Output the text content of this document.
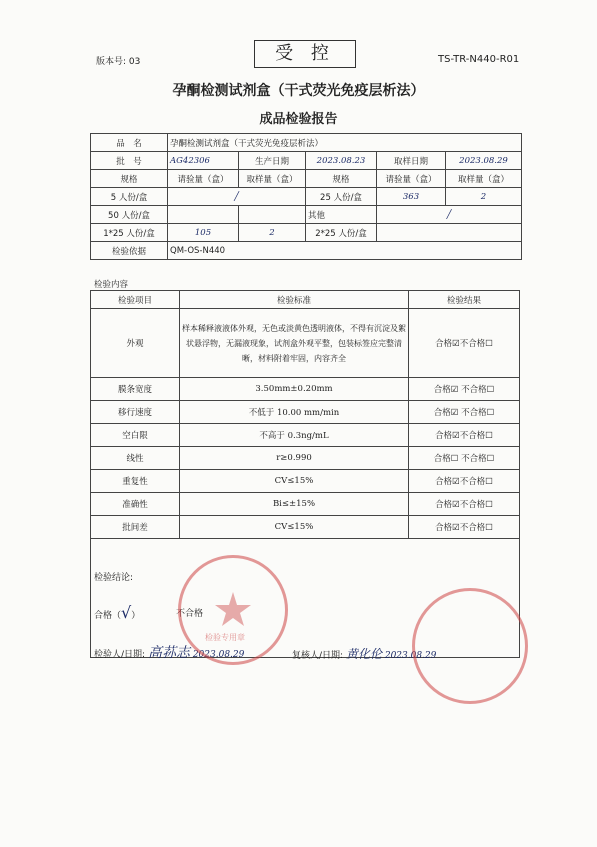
版本号: 03	受 控	TS-TR-N440-R01
孕酮检测试剂盒（干式荧光免疫层析法）
成品检验报告
品　名	孕酮检测试剂盒（干式荧光免疫层析法）				
批　号	AG42306	生产日期	2023.08.23	取样日期	2023.08.29
规格	请验量（盒）	取样量（盒）	规格	请验量（盒）	取样量（盒）
5 人份/盒	╱		25 人份/盒	363	2
50 人份/盒			其他	╱	
1*25 人份/盒	105	2	2*25 人份/盒		
检验依据	QM-OS-N440				
检验内容
检验项目	检验标准	检验结果
外观	样本稀释液液体外观，无色或淡黄色透明液体，不得有沉淀及絮状悬浮物，无漏液现象，试剂盒外观平整，包装标签应完整清晰，材料附着牢固，内容齐全	合格☑不合格☐
膜条宽度	3.50mm±0.20mm	合格☑ 不合格☐
移行速度	不低于 10.00 mm/min	合格☑ 不合格☐
空白限	不高于 0.3ng/mL	合格☑不合格☐
线性	r≥0.990	合格☐ 不合格☐
重复性	CV≤15%	合格☑不合格☐
准确性	Bi≤±15%	合格☑不合格☐
批间差	CV≤15%	合格☑不合格☐

检验结论:
合格（√）	不合格
检验人/日期: 高荪志 2023.08.29	复核人/日期: 黄化伦 2023.08.29
检验专用章
